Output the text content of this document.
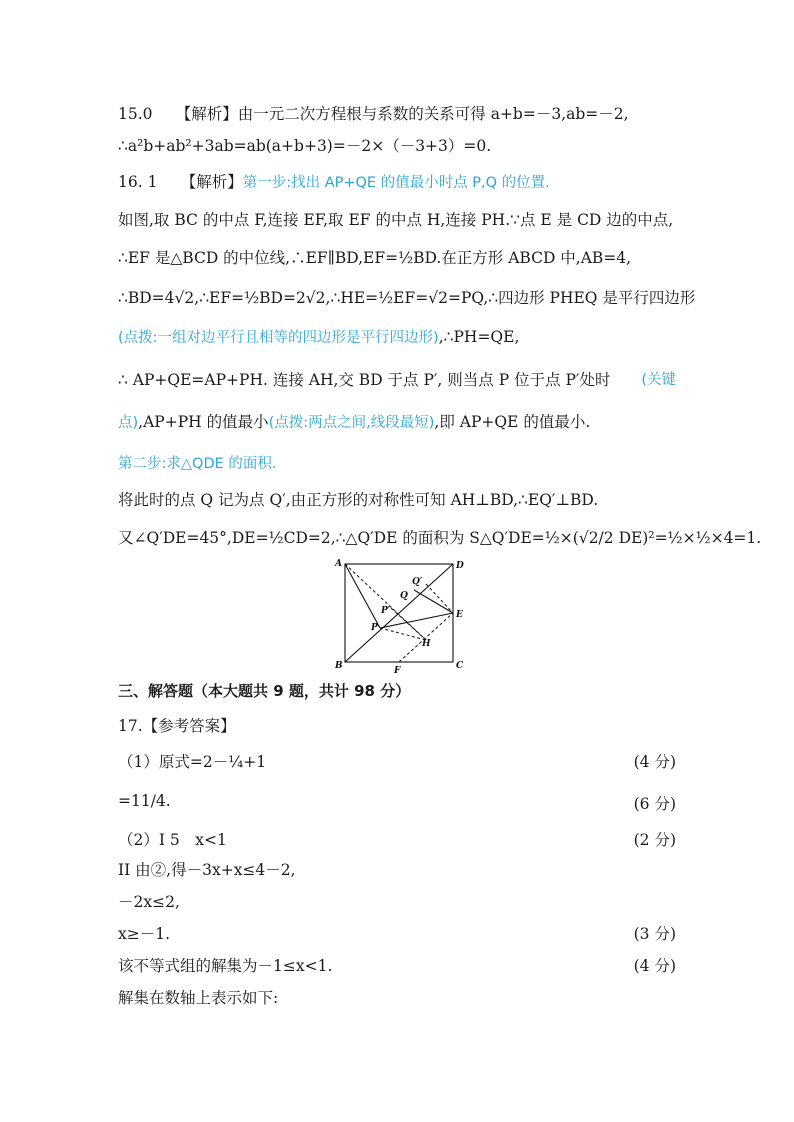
15.0　　【解析】由一元二次方程根与系数的关系可得 a+b=－3,ab=－2,
∴a²b+ab²+3ab=ab(a+b+3)=－2×（－3+3）=0.
16. 1　　【解析】第一步:找出 AP+QE 的值最小时点 P,Q 的位置.
如图,取 BC 的中点 F,连接 EF,取 EF 的中点 H,连接 PH.∵点 E 是 CD 边的中点,
∴EF 是△BCD 的中位线,∴EF∥BD,EF=½BD.在正方形 ABCD 中,AB=4,
∴BD=4√2,∴EF=½BD=2√2,∴HE=½EF=√2=PQ,∴四边形 PHEQ 是平行四边形
(点拨:一组对边平行且相等的四边形是平行四边形),∴PH=QE,
∴ AP+QE=AP+PH. 连接 AH,交 BD 于点 P′, 则当点 P 位于点 P′处时 (关键
点),AP+PH 的值最小(点拨:两点之间,线段最短),即 AP+QE 的值最小.
第二步:求△QDE 的面积.
将此时的点 Q 记为点 Q′,由正方形的对称性可知 AH⊥BD,∴EQ′⊥BD.
又∠Q′DE=45°,DE=½CD=2,∴△Q′DE 的面积为 S△Q′DE=½×(√2/2 DE)²=½×½×4=1.
A	D
B	C
E
F
H
P
P′
Q
Q′
三、解答题（本大题共 9 题，共计 98 分）
17.【参考答案】
（1）原式=2－¼+1	(4 分)
=11/4.	(6 分)
（2）I 5　x<1	(2 分)
II 由②,得－3x+x≤4－2,
－2x≤2,
x≥－1.	(3 分)
该不等式组的解集为－1≤x<1.	(4 分)
解集在数轴上表示如下:
